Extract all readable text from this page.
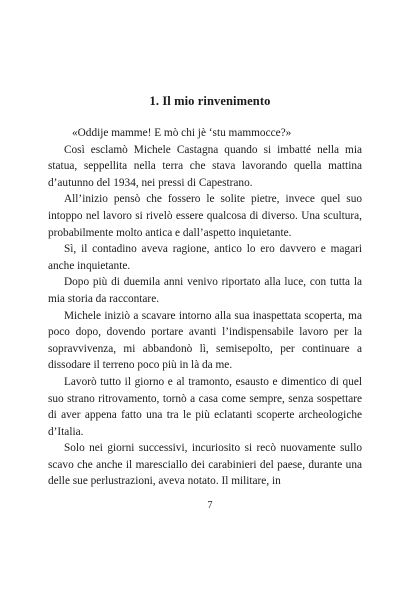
1. Il mio rinvenimento

«Oddije mamme! E mò chi jè ‘stu mammocce?»

Così esclamò Michele Castagna quando si imbatté nella mia statua, seppellita nella terra che stava lavorando quella mattina d’autunno del 1934, nei pressi di Capestrano.

All’inizio pensò che fossero le solite pietre, invece quel suo intoppo nel lavoro si rivelò essere qualcosa di diverso. Una scultura, probabilmente molto antica e dall’aspetto inquietante.

Sì, il contadino aveva ragione, antico lo ero davvero e magari anche inquietante.

Dopo più di duemila anni venivo riportato alla luce, con tutta la mia storia da raccontare.

Michele iniziò a scavare intorno alla sua inaspettata scoperta, ma poco dopo, dovendo portare avanti l’indispensabile lavoro per la sopravvivenza, mi abbandonò lì, semisepolto, per continuare a dissodare il terreno poco più in là da me.

Lavorò tutto il giorno e al tramonto, esausto e dimentico di quel suo strano ritrovamento, tornò a casa come sempre, senza sospettare di aver appena fatto una tra le più eclatanti scoperte archeologiche d’Italia.

Solo nei giorni successivi, incuriosito si recò nuovamente sullo scavo che anche il maresciallo dei carabinieri del paese, durante una delle sue perlustrazioni, aveva notato. Il militare, in

7
